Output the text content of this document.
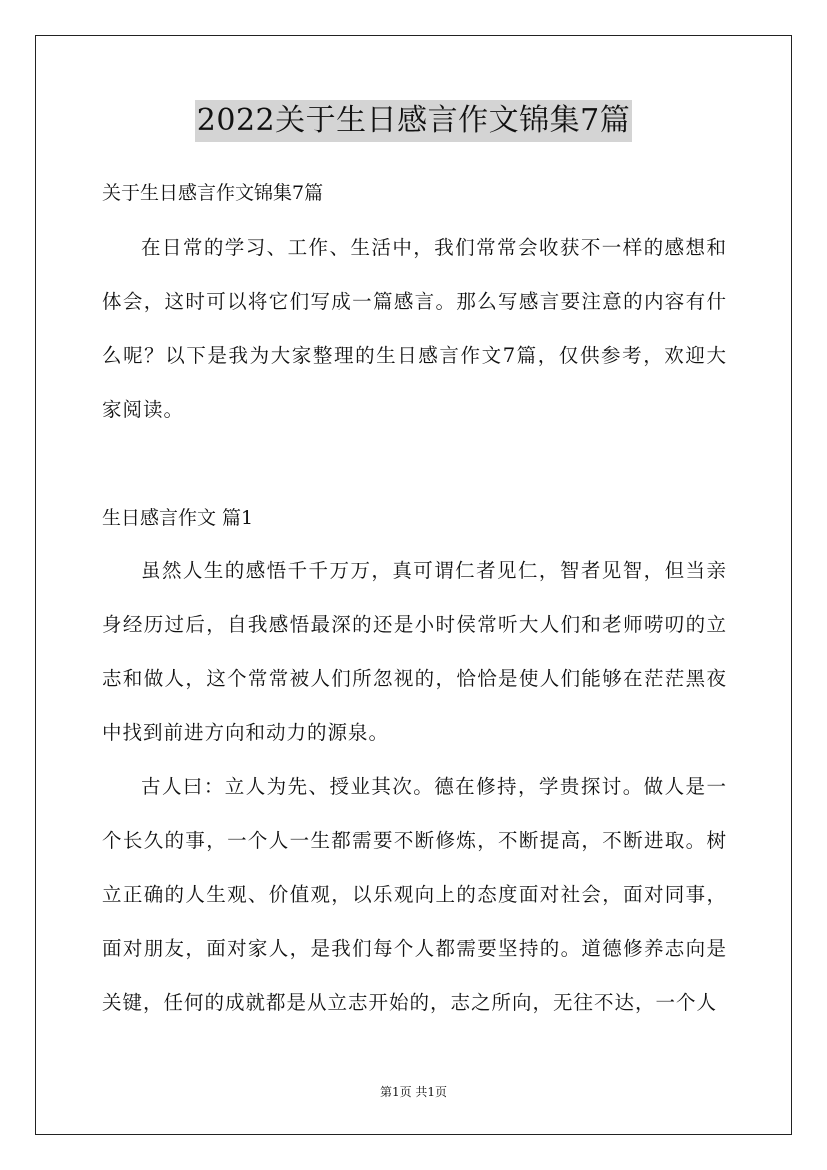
2022关于生日感言作文锦集7篇
关于生日感言作文锦集7篇

在日常的学习、工作、生活中，我们常常会收获不一样的感想和体会，这时可以将它们写成一篇感言。那么写感言要注意的内容有什么呢？以下是我为大家整理的生日感言作文7篇，仅供参考，欢迎大家阅读。

生日感言作文 篇1

虽然人生的感悟千千万万，真可谓仁者见仁，智者见智，但当亲身经历过后，自我感悟最深的还是小时侯常听大人们和老师唠叨的立志和做人，这个常常被人们所忽视的，恰恰是使人们能够在茫茫黑夜中找到前进方向和动力的源泉。

古人曰：立人为先、授业其次。德在修持，学贵探讨。做人是一个长久的事，一个人一生都需要不断修炼，不断提高，不断进取。树立正确的人生观、价值观，以乐观向上的态度面对社会，面对同事，面对朋友，面对家人，是我们每个人都需要坚持的。道德修养志向是关键，任何的成就都是从立志开始的，志之所向，无往不达，一个人

第1页 共1页
